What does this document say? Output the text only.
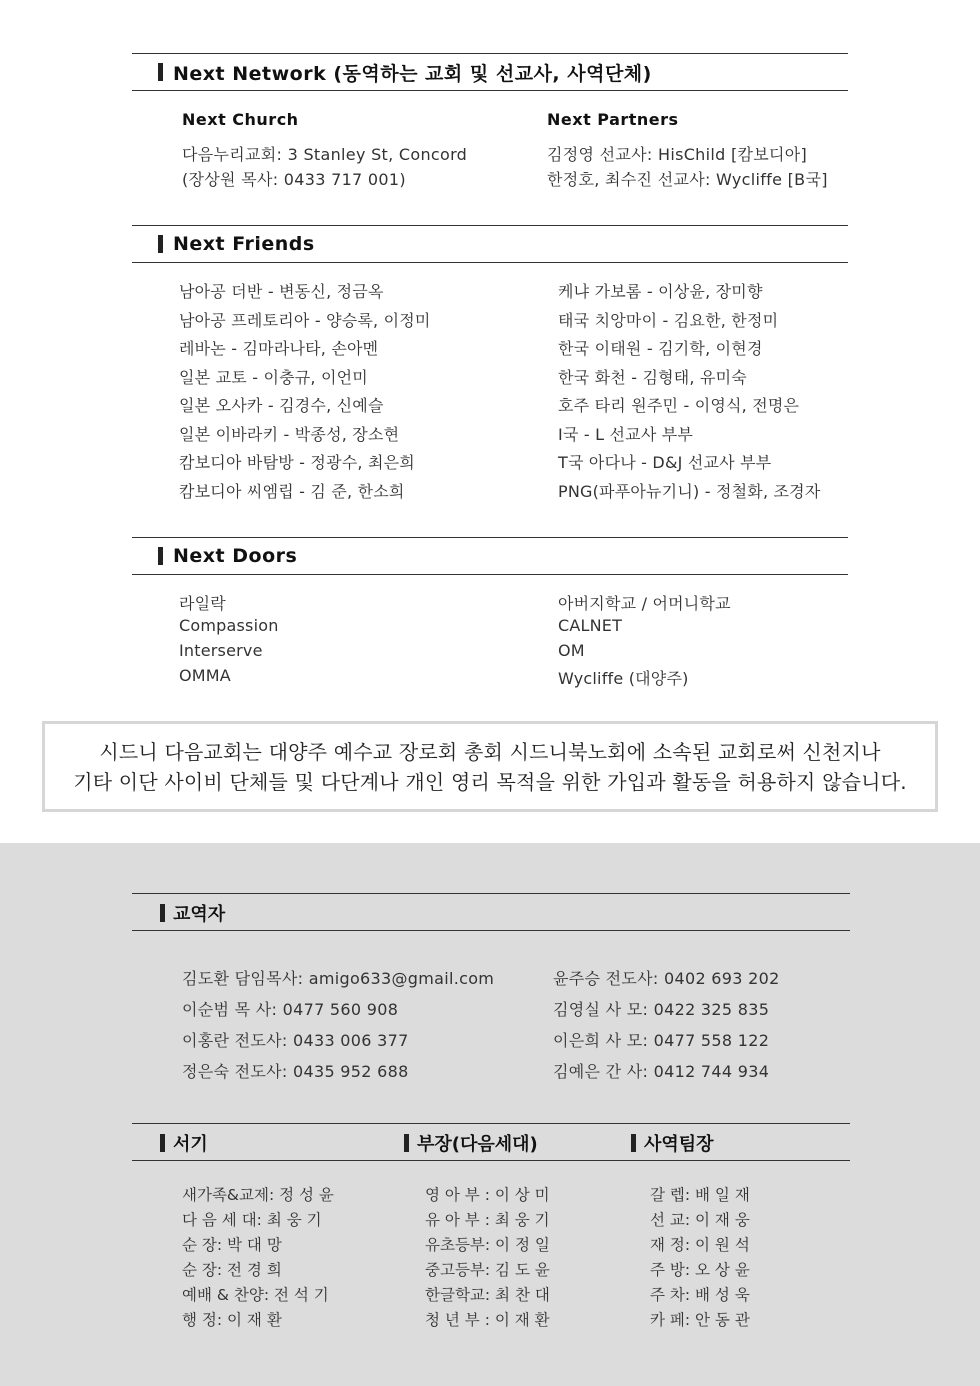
Next Network (동역하는 교회 및 선교사, 사역단체)
Next Church
다음누리교회: 3 Stanley St, Concord
(장상원 목사: 0433 717 001)
Next Partners
김정영 선교사: HisChild [캄보디아]
한정호, 최수진 선교사: Wycliffe [B국]
Next Friends
남아공 더반 - 변동신, 정금옥
남아공 프레토리아 - 양승록, 이정미
레바논 - 김마라나타, 손아멘
일본 교토 - 이충규, 이언미
일본 오사카 - 김경수, 신예슬
일본 이바라키 - 박종성, 장소현
캄보디아 바탐방 - 정광수, 최은희
캄보디아 씨엠립 - 김 준, 한소희
케냐 가보롬 - 이상윤, 장미향
태국 치앙마이 - 김요한, 한정미
한국 이태원 - 김기학, 이현경
한국 화천 - 김형태, 유미숙
호주 타리 원주민 - 이영식, 전명은
I국 - L 선교사 부부
T국 아다나 - D&J 선교사 부부
PNG(파푸아뉴기니) - 정철화, 조경자
Next Doors
라일락
Compassion
Interserve
OMMA
아버지학교 / 어머니학교
CALNET
OM
Wycliffe (대양주)
시드니 다음교회는 대양주 예수교 장로회 총회 시드니북노회에 소속된 교회로써 신천지나
기타 이단 사이비 단체들 및 다단계나 개인 영리 목적을 위한 가입과 활동을 허용하지 않습니다.
교역자
김도환 담임목사: amigo633@gmail.com
이순범 목 사: 0477 560 908
이홍란 전도사: 0433 006 377
정은숙 전도사: 0435 952 688
윤주승 전도사: 0402 693 202
김영실 사 모: 0422 325 835
이은희 사 모: 0477 558 122
김예은 간 사: 0412 744 934
서기	부장(다음세대)	사역팀장
새가족&교제: 정 성 윤
다 음 세 대: 최 웅 기
순 장: 박 대 망
순 장: 전 경 희
예배 & 찬양: 전 석 기
행 정: 이 재 환
영 아 부 : 이 상 미
유 아 부 : 최 웅 기
유초등부: 이 정 일
중고등부: 김 도 윤
한글학교: 최 찬 대
청 년 부 : 이 재 환
갈 렙: 배 일 재
선 교: 이 재 웅
재 정: 이 원 석
주 방: 오 상 윤
주 차: 배 성 욱
카 페: 안 동 관
